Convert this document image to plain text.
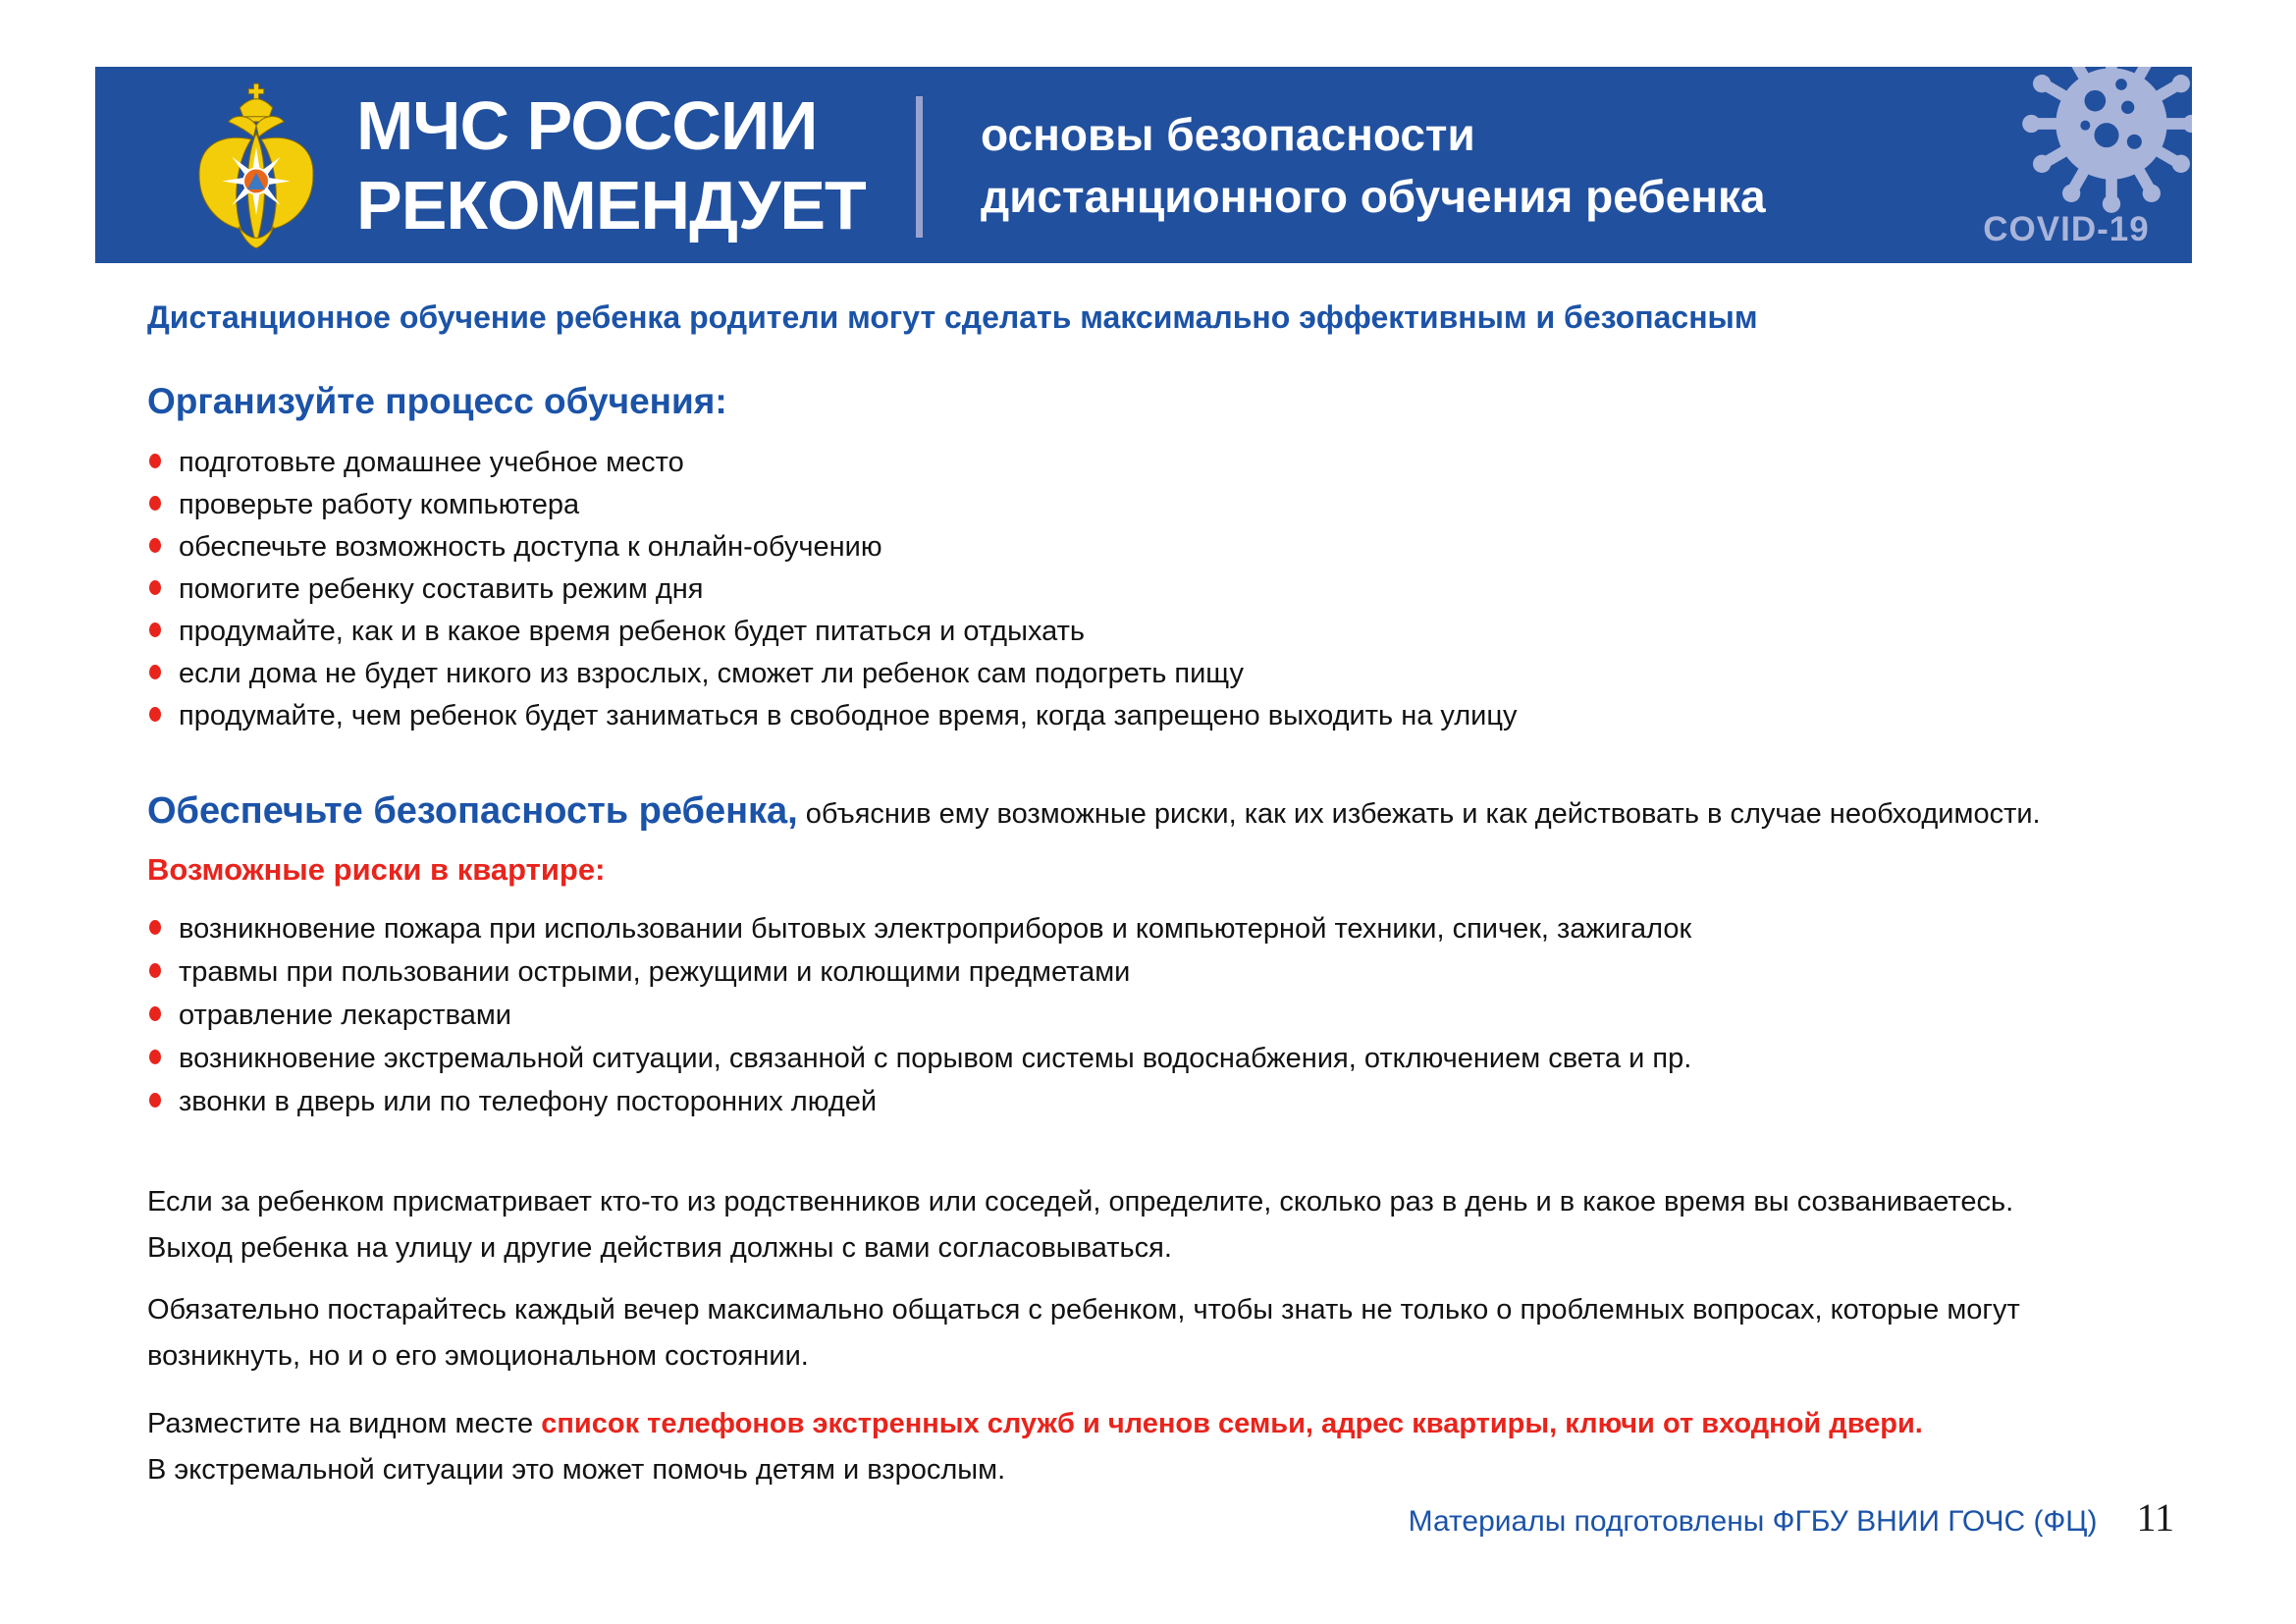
МЧС РОССИИ
РЕКОМЕНДУЕТ
основы безопасности
дистанционного обучения ребенка
COVID-19
Дистанционное обучение ребенка родители могут сделать максимально эффективным и безопасным
Организуйте процесс обучения:
подготовьте домашнее учебное место
проверьте работу компьютера
обеспечьте возможность доступа к онлайн-обучению
помогите ребенку составить режим дня
продумайте, как и в какое время ребенок будет питаться и отдыхать
если дома не будет никого из взрослых, сможет ли ребенок сам подогреть пищу
продумайте, чем ребенок будет заниматься в свободное время, когда запрещено выходить на улицу
Обеспечьте безопасность ребенка, объяснив ему возможные риски, как их избежать и как действовать в случае необходимости.
Возможные риски в квартире:
возникновение пожара при использовании бытовых электроприборов и компьютерной техники, спичек, зажигалок
травмы при пользовании острыми, режущими и колющими предметами
отравление лекарствами
возникновение экстремальной ситуации, связанной с порывом системы водоснабжения, отключением света и пр.
звонки в дверь или по телефону посторонних людей
Если за ребенком присматривает кто-то из родственников или соседей, определите, сколько раз в день и в какое время вы созваниваетесь.
Выход ребенка на улицу и другие действия должны с вами согласовываться.
Обязательно постарайтесь каждый вечер максимально общаться с ребенком, чтобы знать не только о проблемных вопросах, которые могут
возникнуть, но и о его эмоциональном состоянии.
Разместите на видном месте список телефонов экстренных служб и членов семьи, адрес квартиры, ключи от входной двери.
В экстремальной ситуации это может помочь детям и взрослым.
Материалы подготовлены ФГБУ ВНИИ ГОЧС (ФЦ) 11
